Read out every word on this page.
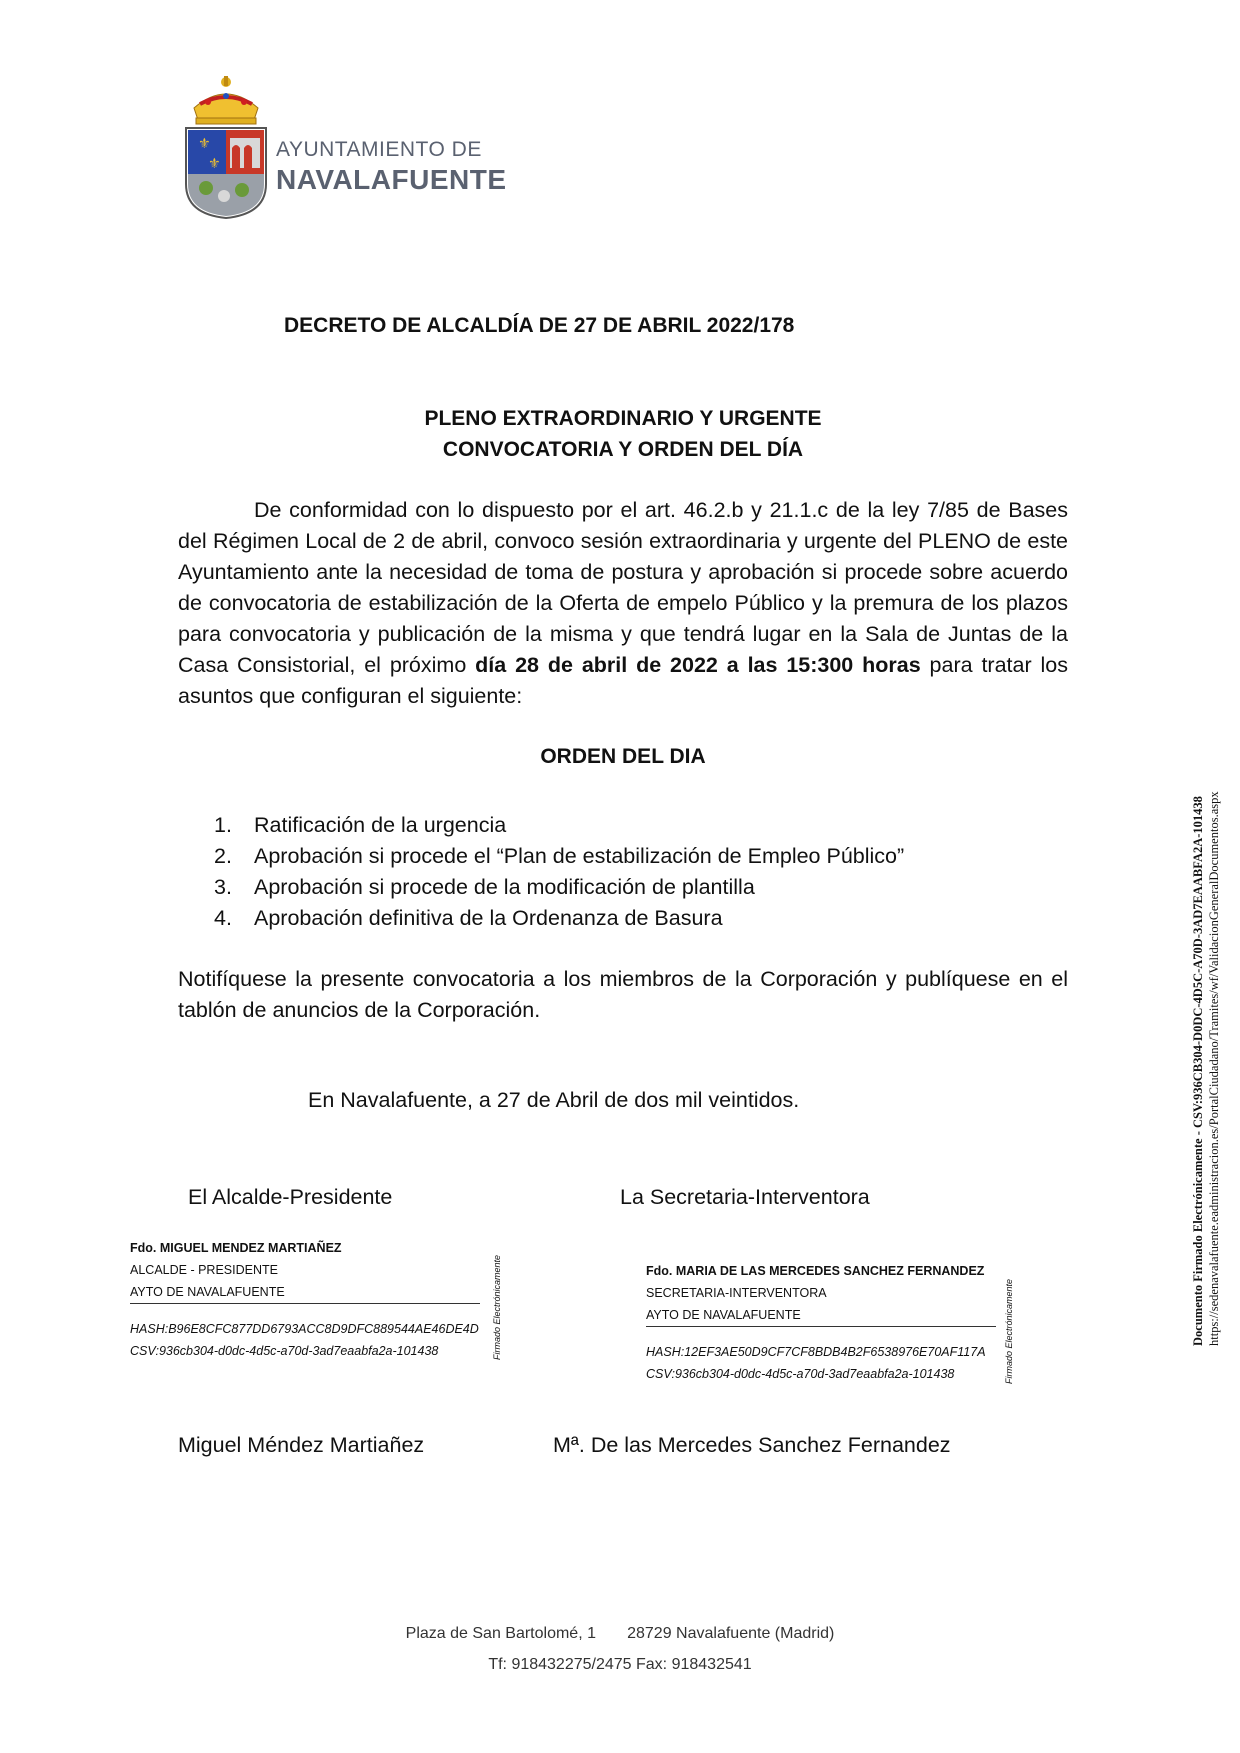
⚜
⚜
AYUNTAMIENTO DE
NAVALAFUENTE
DECRETO DE ALCALDÍA DE 27 DE ABRIL 2022/178
PLENO EXTRAORDINARIO Y URGENTE
CONVOCATORIA Y ORDEN DEL DÍA
De conformidad con lo dispuesto por el art. 46.2.b y 21.1.c de la ley 7/85 de Bases del Régimen Local de 2 de abril, convoco sesión extraordinaria y urgente del PLENO de este Ayuntamiento ante la necesidad de toma de postura y aprobación si procede sobre acuerdo de convocatoria de estabilización de la Oferta de empelo Público y la premura de los plazos para convocatoria y publicación de la misma y que tendrá lugar en la Sala de Juntas de la Casa Consistorial, el próximo día 28 de abril de 2022 a las 15:300 horas para tratar los asuntos que configuran el siguiente:
ORDEN DEL DIA
1.	Ratificación de la urgencia
2.	Aprobación si procede el “Plan de estabilización de Empleo Público”
3.	Aprobación si procede de la modificación de plantilla
4.	Aprobación definitiva de la Ordenanza de Basura
Notifíquese la presente convocatoria a los miembros de la Corporación y publíquese en el tablón de anuncios de la Corporación.
En Navalafuente, a 27 de Abril de dos mil veintidos.
El Alcalde-Presidente	La Secretaria-Interventora
Fdo. MIGUEL MENDEZ MARTIAÑEZ
ALCALDE - PRESIDENTE
AYTO DE NAVALAFUENTE
HASH:B96E8CFC877DD6793ACC8D9DFC889544AE46DE4D
CSV:936cb304-d0dc-4d5c-a70d-3ad7eaabfa2a-101438	Firmado Electrónicamente	Fdo. MARIA DE LAS MERCEDES SANCHEZ FERNANDEZ
SECRETARIA-INTERVENTORA
AYTO DE NAVALAFUENTE
HASH:12EF3AE50D9CF7CF8BDB4B2F6538976E70AF117A
CSV:936cb304-d0dc-4d5c-a70d-3ad7eaabfa2a-101438	Firmado Electrónicamente
Miguel Méndez Martiañez	Mª. De las Mercedes Sanchez Fernandez
Plaza de San Bartolomé, 1       28729 Navalafuente (Madrid)
Tf: 918432275/2475 Fax: 918432541
Documento Firmado Electrónicamente - CSV:936CB304-D0DC-4D5C-A70D-3AD7EAABFA2A-101438 https://sedenavalafuente.eadministracion.es/PortalCiudadano/Tramites/wf/ValidacionGeneralDocumentos.aspx
